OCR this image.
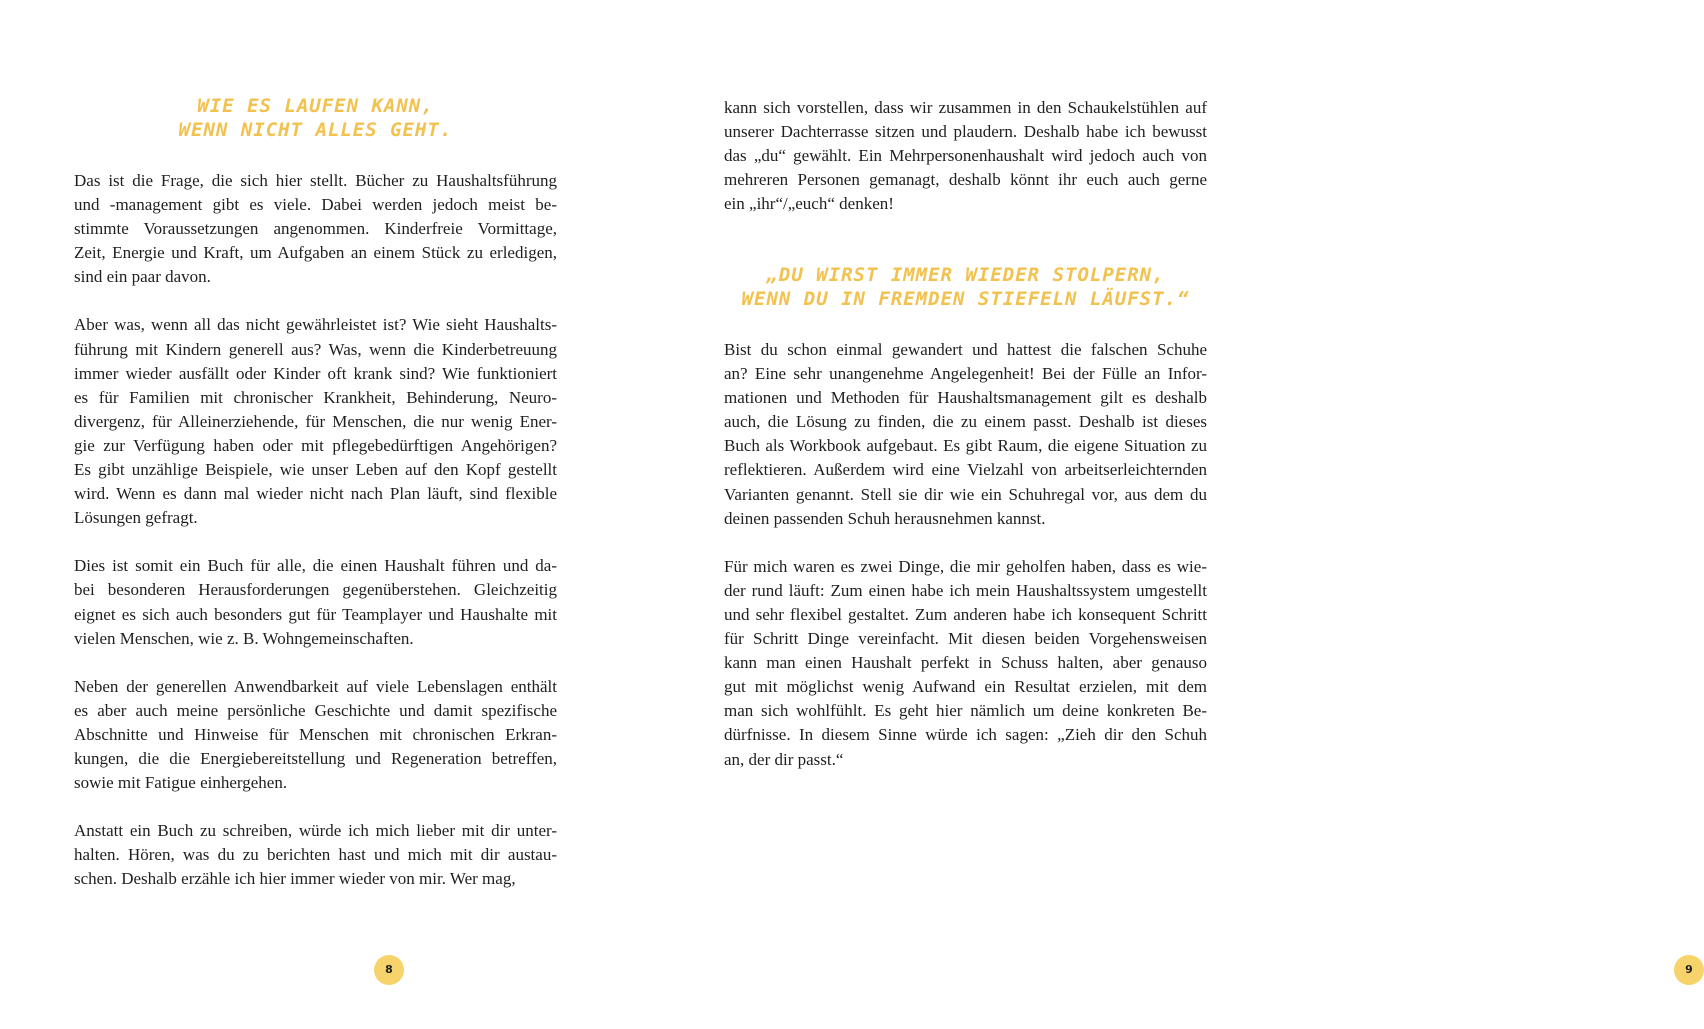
WIE ES LAUFEN KANN,
WENN NICHT ALLES GEHT.
Das ist die Frage, die sich hier stellt. Bücher zu Haushaltsführung
und -management gibt es viele. Dabei werden jedoch meist be-
stimmte Voraussetzungen angenommen. Kinderfreie Vormittage,
Zeit, Energie und Kraft, um Aufgaben an einem Stück zu erledigen,
sind ein paar davon.
Aber was, wenn all das nicht gewährleistet ist? Wie sieht Haushalts-
führung mit Kindern generell aus? Was, wenn die Kinderbetreuung
immer wieder ausfällt oder Kinder oft krank sind? Wie funktioniert
es für Familien mit chronischer Krankheit, Behinderung, Neuro-
divergenz, für Alleinerziehende, für Menschen, die nur wenig Ener-
gie zur Verfügung haben oder mit pflegebedürftigen Angehörigen?
Es gibt unzählige Beispiele, wie unser Leben auf den Kopf gestellt
wird. Wenn es dann mal wieder nicht nach Plan läuft, sind flexible
Lösungen gefragt.
Dies ist somit ein Buch für alle, die einen Haushalt führen und da-
bei besonderen Herausforderungen gegenüberstehen. Gleichzeitig
eignet es sich auch besonders gut für Teamplayer und Haushalte mit
vielen Menschen, wie z. B. Wohngemeinschaften.
Neben der generellen Anwendbarkeit auf viele Lebenslagen enthält
es aber auch meine persönliche Geschichte und damit spezifische
Abschnitte und Hinweise für Menschen mit chronischen Erkran-
kungen, die die Energiebereitstellung und Regeneration betreffen,
sowie mit Fatigue einhergehen.
Anstatt ein Buch zu schreiben, würde ich mich lieber mit dir unter-
halten. Hören, was du zu berichten hast und mich mit dir austau-
schen. Deshalb erzähle ich hier immer wieder von mir. Wer mag,
8
kann sich vorstellen, dass wir zusammen in den Schaukelstühlen auf
unserer Dachterrasse sitzen und plaudern. Deshalb habe ich bewusst
das „du“ gewählt. Ein Mehrpersonenhaushalt wird jedoch auch von
mehreren Personen gemanagt, deshalb könnt ihr euch auch gerne
ein „ihr“/„euch“ denken!
„DU WIRST IMMER WIEDER STOLPERN,
WENN DU IN FREMDEN STIEFELN LÄUFST.“
Bist du schon einmal gewandert und hattest die falschen Schuhe
an? Eine sehr unangenehme Angelegenheit! Bei der Fülle an Infor-
mationen und Methoden für Haushaltsmanagement gilt es deshalb
auch, die Lösung zu finden, die zu einem passt. Deshalb ist dieses
Buch als Workbook aufgebaut. Es gibt Raum, die eigene Situation zu
reflektieren. Außerdem wird eine Vielzahl von arbeitserleichternden
Varianten genannt. Stell sie dir wie ein Schuhregal vor, aus dem du
deinen passenden Schuh herausnehmen kannst.
Für mich waren es zwei Dinge, die mir geholfen haben, dass es wie-
der rund läuft: Zum einen habe ich mein Haushaltssystem umgestellt
und sehr flexibel gestaltet. Zum anderen habe ich konsequent Schritt
für Schritt Dinge vereinfacht. Mit diesen beiden Vorgehensweisen
kann man einen Haushalt perfekt in Schuss halten, aber genauso
gut mit möglichst wenig Aufwand ein Resultat erzielen, mit dem
man sich wohlfühlt. Es geht hier nämlich um deine konkreten Be-
dürfnisse. In diesem Sinne würde ich sagen: „Zieh dir den Schuh
an, der dir passt.“
9
